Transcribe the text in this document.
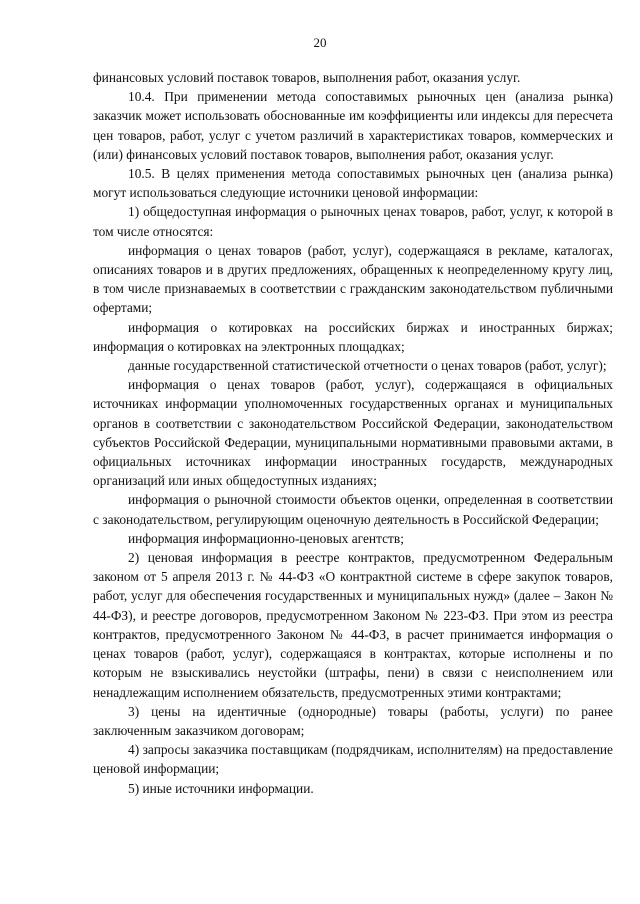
20

финансовых условий поставок товаров, выполнения работ, оказания услуг.

10.4. При применении метода сопоставимых рыночных цен (анализа рынка) заказчик может использовать обоснованные им коэффициенты или индексы для пересчета цен товаров, работ, услуг с учетом различий в характеристиках товаров, коммерческих и (или) финансовых условий поставок товаров, выполнения работ, оказания услуг.

10.5. В целях применения метода сопоставимых рыночных цен (анализа рынка) могут использоваться следующие источники ценовой информации:

1) общедоступная информация о рыночных ценах товаров, работ, услуг, к которой в том числе относятся:

информация о ценах товаров (работ, услуг), содержащаяся в рекламе, каталогах, описаниях товаров и в других предложениях, обращенных к неопределенному кругу лиц, в том числе признаваемых в соответствии с гражданским законодательством публичными офертами;

информация о котировках на российских биржах и иностранных биржах; информация о котировках на электронных площадках;

данные государственной статистической отчетности о ценах товаров (работ, услуг);

информация о ценах товаров (работ, услуг), содержащаяся в официальных источниках информации уполномоченных государственных органах и муниципальных органов в соответствии с законодательством Российской Федерации, законодательством субъектов Российской Федерации, муниципальными нормативными правовыми актами, в официальных источниках информации иностранных государств, международных организаций или иных общедоступных изданиях;

информация о рыночной стоимости объектов оценки, определенная в соответствии с законодательством, регулирующим оценочную деятельность в Российской Федерации;

информация информационно-ценовых агентств;

2) ценовая информация в реестре контрактов, предусмотренном Федеральным законом от 5 апреля 2013 г. № 44-ФЗ «О контрактной системе в сфере закупок товаров, работ, услуг для обеспечения государственных и муниципальных нужд» (далее – Закон № 44-ФЗ), и реестре договоров, предусмотренном Законом № 223-ФЗ. При этом из реестра контрактов, предусмотренного Законом № 44-ФЗ, в расчет принимается информация о ценах товаров (работ, услуг), содержащаяся в контрактах, которые исполнены и по которым не взыскивались неустойки (штрафы, пени) в связи с неисполнением или ненадлежащим исполнением обязательств, предусмотренных этими контрактами;

3) цены на идентичные (однородные) товары (работы, услуги) по ранее заключенным заказчиком договорам;

4) запросы заказчика поставщикам (подрядчикам, исполнителям) на предоставление ценовой информации;

5) иные источники информации.
